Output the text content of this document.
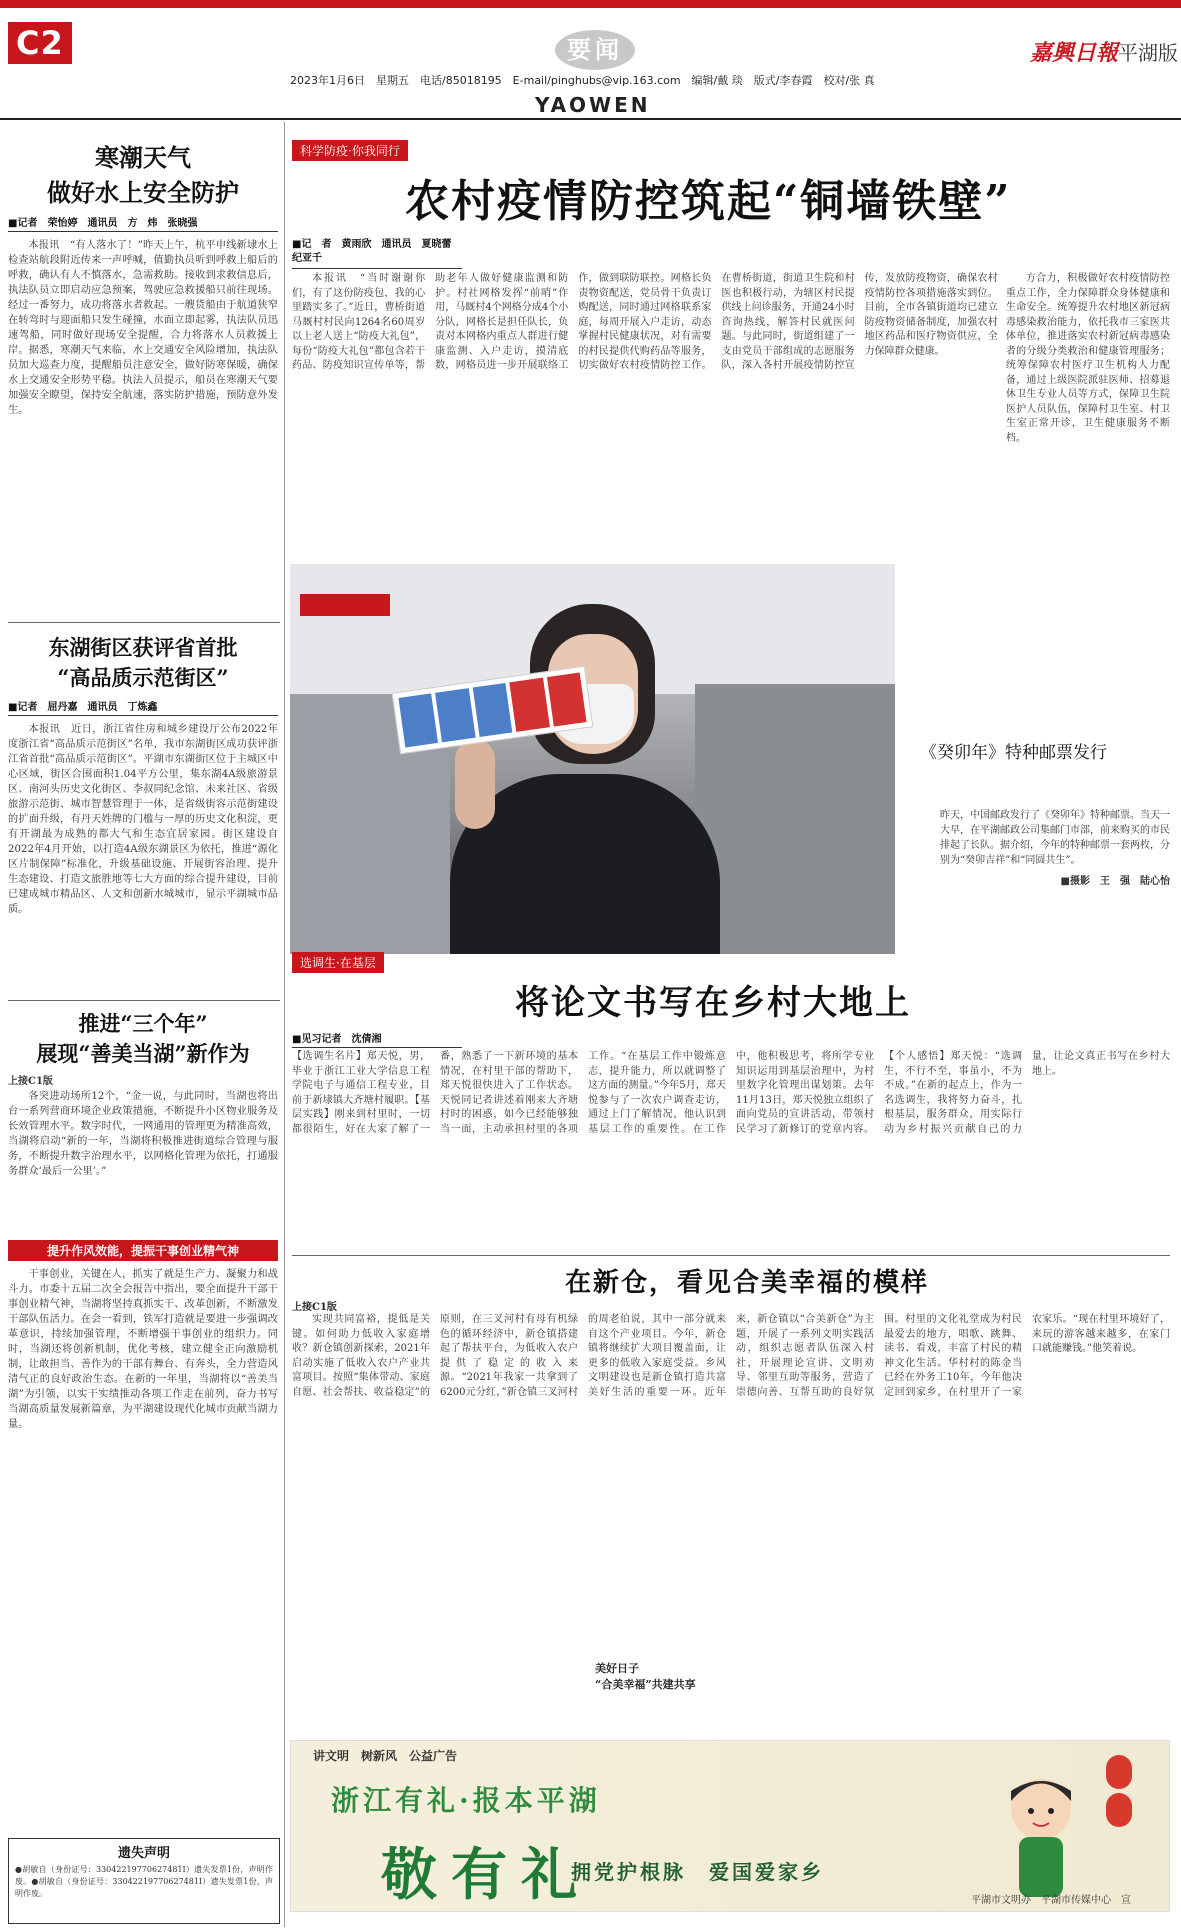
C2	要闻	嘉興日報平湖版
2023年1月6日　星期五　电话/85018195　E-mail/pinghubs@vip.163.com　编辑/戴 琰　版式/李春霞　校对/张 真
YAOWEN
寒潮天气
做好水上安全防护
■记者　荣怡婷　通讯员　方　炜　张晓强

本报讯　“有人落水了！”昨天上午，杭平申线新埭水上检查站航段附近传来一声呼喊，值勤执员听到呼救上船后的呼救，确认有人不慎落水，急需救助。接收到求救信息后，执法队员立即启动应急预案，驾驶应急救援船只前往现场。经过一番努力，成功将落水者救起。一艘货船由于航道狭窄在转弯时与迎面船只发生碰撞，水面立即起雾，执法队员迅速驾船，同时做好现场安全提醒，合力将落水人员救援上岸。据悉，寒潮天气来临，水上交通安全风险增加，执法队员加大巡查力度，提醒船员注意安全，做好防寒保暖，确保水上交通安全形势平稳。执法人员提示，船员在寒潮天气要加强安全瞭望，保持安全航速，落实防护措施，预防意外发生。

东湖街区获评省首批
“高品质示范街区”
■记者　屈丹嘉　通讯员　丁炼鑫

本报讯　近日，浙江省住房和城乡建设厅公布2022年度浙江省“高品质示范街区”名单，我市东湖街区成功获评浙江省首批“高品质示范街区”。平湖市东湖街区位于主城区中心区域，街区合围面积1.04平方公里，集东湖4A级旅游景区、南河头历史文化街区、李叔同纪念馆、未来社区、省级旅游示范街、城市智慧管理于一体，是省级街容示范街建设的扩面升级，有丹天姓牌的门槛与一厚的历史文化积淀，更有开湖最为成熟的都大气和生态宜居家园。街区建设自2022年4月开始，以打造4A级东湖景区为依托，推进“源化区片制保障”标准化，升级基础设施、开展街容治理、提升生态建设、打造文旅胜地等七大方面的综合提升建设，目前已建成城市精品区、人文和创新水城城市，显示平湖城市品质。

推进“三个年”
展现“善美当湖”新作为
上接C1版

各突进动场所12个，“金一说，与此同时，当湖也将出台一系列营商环境企业政策措施，不断提升小区物业服务及长效管理水平。数字时代，一网通用的管理更为精准高效，当湖将启动“新的一年，当湖将积极推进街道综合管理与服务，不断提升数字治理水平，以网格化管理为依托，打通服务群众‘最后一公里’。”

提升作风效能，提振干事创业精气神

干事创业，关键在人，抓实了就是生产力、凝聚力和战斗力。市委十五届二次全会报告中指出，要全面提升干部干事创业精气神，当湖将坚持真抓实干、改革创新，不断激发干部队伍活力。在会一看到，铁军打造就是要进一步强调改革意识，持续加强管理，不断增强干事创业的组织力。同时，当湖还将创新机制，优化考核，建立健全正向激励机制，让敢担当、善作为的干部有舞台、有奔头，全力营造风清气正的良好政治生态。在新的一年里，当湖将以“善美当湖”为引领，以实干实绩推动各项工作走在前列，奋力书写当湖高质量发展新篇章，为平湖建设现代化城市贡献当湖力量。

遗失声明
●胡敏自（身份证号：33042219770627481I）遗失发票1份，声明作废。●胡敏自（身份证号：33042219770627481I）遗失发票1份，声明作废。
科学防疫·你我同行
农村疫情防控筑起“铜墙铁壁”
■记　者　黄雨欣　通讯员　夏晓蕾　纪亚千
本报讯　“当时谢谢你们，有了这份防疫包，我的心里踏实多了。”近日，曹桥街道马厩村村民向1264名60周岁以上老人送上“防疫大礼包”，每份“防疫大礼包”都包含若干药品、防疫知识宣传单等，帮助老年人做好健康监测和防护。村社网格发挥“前哨”作用，马厩村4个网格分成4个小分队，网格长是担任队长，负责对本网格内重点人群进行健康监测、入户走访，摸清底数，网格员进一步开展联络工作，做到联防联控。网格长负责物资配送，党员骨干负责订购配送，同时通过网格联系家庭，每周开展入户走访，动态掌握村民健康状况，对有需要的村民提供代购药品等服务，切实做好农村疫情防控工作。在曹桥街道，街道卫生院和村医也积极行动，为辖区村民提供线上问诊服务，开通24小时咨询热线，解答村民就医问题。与此同时，街道组建了一支由党员干部组成的志愿服务队，深入各村开展疫情防控宣传，发放防疫物资，确保农村疫情防控各项措施落实到位。目前，全市各镇街道均已建立防疫物资储备制度，加强农村地区药品和医疗物资供应，全力保障群众健康。
方合力，积极做好农村疫情防控重点工作，全力保障群众身体健康和生命安全。统筹提升农村地区新冠病毒感染救治能力，依托我市三家医共体单位，推进落实农村新冠病毒感染者的分级分类救治和健康管理服务；统筹保障农村医疗卫生机构人力配备，通过上级医院派驻医师、招募退休卫生专业人员等方式，保障卫生院医护人员队伍，保障村卫生室、村卫生室正常开诊，卫生健康服务不断档。
《癸卯年》特种邮票发行
昨天，中国邮政发行了《癸卯年》特种邮票。当天一大早，在平湖邮政公司集邮门市部，前来购买的市民排起了长队。据介绍，今年的特种邮票一套两枚，分别为“癸卯吉祥”和“同圆共生”。
■摄影　王　强　陆心怡
选调生·在基层
将论文书写在乡村大地上
■见习记者　沈倩湘
【选调生名片】郑天悦，男，毕业于浙江工业大学信息工程学院电子与通信工程专业，目前于新埭镇大齐塘村履职。【基层实践】刚来到村里时，一切都很陌生，好在大家了解了一番，熟悉了一下新环境的基本情况，在村里干部的帮助下，郑天悦很快进入了工作状态。天悦同记者讲述着刚来大齐塘村时的困惑，如今已经能够独当一面，主动承担村里的各项工作。“在基层工作中锻炼意志，提升能力，所以就调整了这方面的测量。”今年5月，郑天悦参与了一次农户调查走访，通过上门了解情况，他认识到基层工作的重要性。在工作中，他积极思考，将所学专业知识运用到基层治理中，为村里数字化管理出谋划策。去年11月13日，郑天悦独立组织了面向党员的宣讲活动，带领村民学习了新修订的党章内容。【个人感悟】郑天悦：“选调生，不行不至，事虽小，不为不成。”在新的起点上，作为一名选调生，我将努力奋斗，扎根基层，服务群众，用实际行动为乡村振兴贡献自己的力量，让论文真正书写在乡村大地上。
在新仓，看见合美幸福的模样
上接C1版
实现共同富裕，提低是关键。如何助力低收入家庭增收？新仓镇创新探索，2021年启动实施了低收入农户产业共富项目。按照“集体带动、家庭自愿、社会帮扶、收益稳定”的原则，在三叉河村有母有机绿色的循环经济中，新仓镇搭建起了帮扶平台，为低收入农户提供了稳定的收入来源。“2021年我家一共拿到了6200元分红，”新仓镇三叉河村的周老伯说，其中一部分就来自这个产业项目。今年，新仓镇将继续扩大项目覆盖面，让更多的低收入家庭受益。乡风文明建设也是新仓镇打造共富美好生活的重要一环。近年来，新仓镇以“合美新仓”为主题，开展了一系列文明实践活动，组织志愿者队伍深入村社，开展理论宣讲、文明劝导、邻里互助等服务，营造了崇德向善、互帮互助的良好氛围。村里的文化礼堂成为村民最爱去的地方，唱歌、跳舞、读书、看戏，丰富了村民的精神文化生活。华村村的陈金当已经在外务工10年，今年他决定回到家乡，在村里开了一家农家乐。“现在村里环境好了，来玩的游客越来越多，在家门口就能赚钱。”他笑着说。
美好日子
“合美幸福”共建共享
讲文明　树新风　公益广告
浙江有礼·报本平湖
敬有礼
拥党护根脉　爱国爱家乡
平湖市文明办　平湖市传媒中心　宣
